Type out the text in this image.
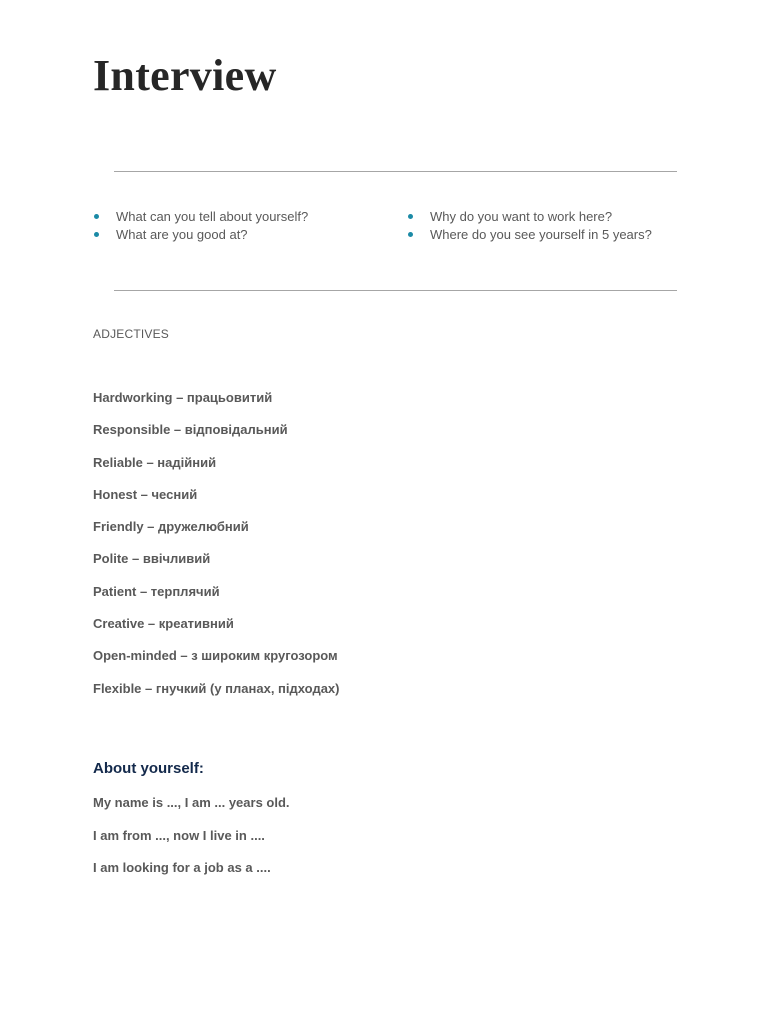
Interview
What can you tell about yourself?
What are you good at?
Why do you want to work here?
Where do you see yourself in 5 years?
ADJECTIVES
Hardworking – працьовитий
Responsible – відповідальний
Reliable – надійний
Honest – чесний
Friendly – дружелюбний
Polite – ввічливий
Patient – терплячий
Creative – креативний
Open-minded – з широким кругозором
Flexible – гнучкий (у планах, підходах)
About yourself:
My name is ..., I am ... years old.
I am from ..., now I live in ....
I am looking for a job as a ....
